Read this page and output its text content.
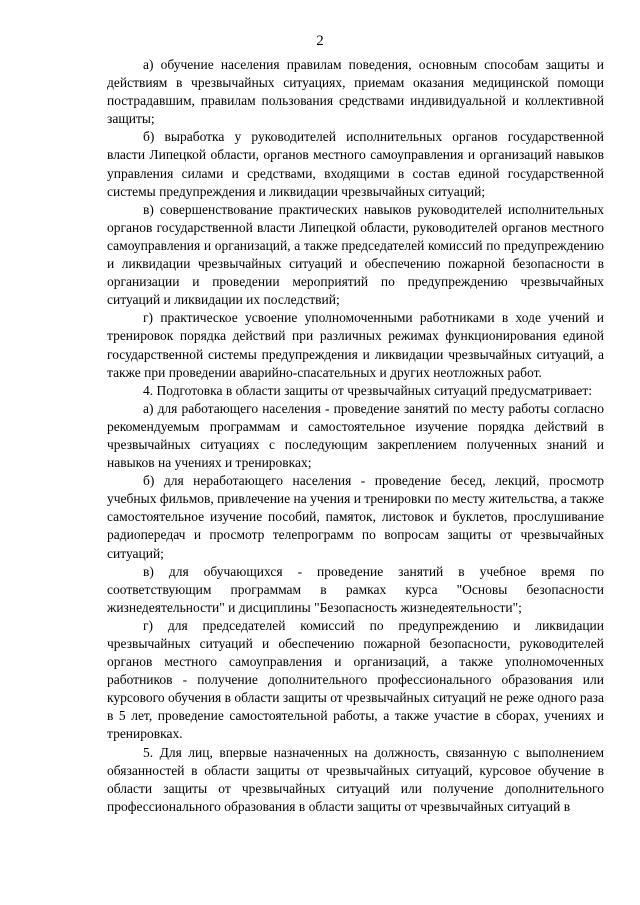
2

а) обучение населения правилам поведения, основным способам защиты и действиям в чрезвычайных ситуациях, приемам оказания медицинской помощи пострадавшим, правилам пользования средствами индивидуальной и коллективной защиты;

б) выработка у руководителей исполнительных органов государственной власти Липецкой области, органов местного самоуправления и организаций навыков управления силами и средствами, входящими в состав единой государственной системы предупреждения и ликвидации чрезвычайных ситуаций;

в) совершенствование практических навыков руководителей исполнительных органов государственной власти Липецкой области, руководителей органов местного самоуправления и организаций, а также председателей комиссий по предупреждению и ликвидации чрезвычайных ситуаций и обеспечению пожарной безопасности в организации и проведении мероприятий по предупреждению чрезвычайных ситуаций и ликвидации их последствий;

г) практическое усвоение уполномоченными работниками в ходе учений и тренировок порядка действий при различных режимах функционирования единой государственной системы предупреждения и ликвидации чрезвычайных ситуаций, а также при проведении аварийно-спасательных и других неотложных работ.

4. Подготовка в области защиты от чрезвычайных ситуаций предусматривает:

а) для работающего населения - проведение занятий по месту работы согласно рекомендуемым программам и самостоятельное изучение порядка действий в чрезвычайных ситуациях с последующим закреплением полученных знаний и навыков на учениях и тренировках;

б) для неработающего населения - проведение бесед, лекций, просмотр учебных фильмов, привлечение на учения и тренировки по месту жительства, а также самостоятельное изучение пособий, памяток, листовок и буклетов, прослушивание радиопередач и просмотр телепрограмм по вопросам защиты от чрезвычайных ситуаций;

в) для обучающихся - проведение занятий в учебное время по соответствующим программам в рамках курса "Основы безопасности жизнедеятельности" и дисциплины "Безопасность жизнедеятельности";

г) для председателей комиссий по предупреждению и ликвидации чрезвычайных ситуаций и обеспечению пожарной безопасности, руководителей органов местного самоуправления и организаций, а также уполномоченных работников - получение дополнительного профессионального образования или курсового обучения в области защиты от чрезвычайных ситуаций не реже одного раза в 5 лет, проведение самостоятельной работы, а также участие в сборах, учениях и тренировках.

5. Для лиц, впервые назначенных на должность, связанную с выполнением обязанностей в области защиты от чрезвычайных ситуаций, курсовое обучение в области защиты от чрезвычайных ситуаций или получение дополнительного профессионального образования в области защиты от чрезвычайных ситуаций в
